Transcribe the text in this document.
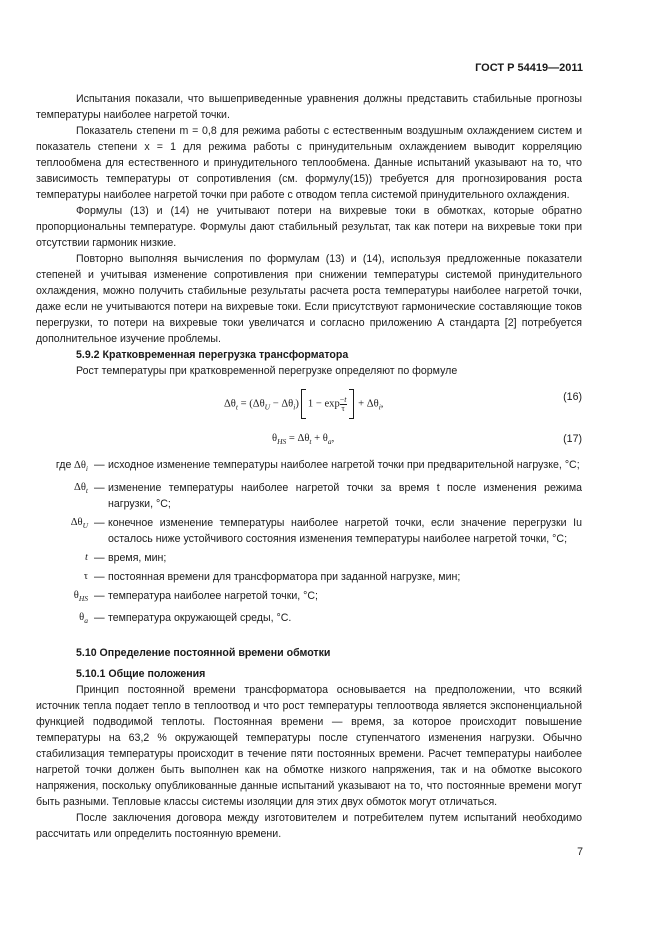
ГОСТ Р 54419—2011

Испытания показали, что вышеприведенные уравнения должны представить стабильные прогнозы температуры наиболее нагретой точки.

Показатель степени m = 0,8 для режима работы с естественным воздушным охлаждением систем и показатель степени x = 1 для режима работы с принудительным охлаждением выводит корреляцию теплообмена для естественного и принудительного теплообмена. Данные испытаний указывают на то, что зависимость температуры от сопротивления (см. формулу(15)) требуется для прогнозирования роста температуры наиболее нагретой точки при работе с отводом тепла системой принудительного охлаждения.

Формулы (13) и (14) не учитывают потери на вихревые токи в обмотках, которые обратно пропорциональны температуре. Формулы дают стабильный результат, так как потери на вихревые токи при отсутствии гармоник низкие.

Повторно выполняя вычисления по формулам (13) и (14), используя предложенные показатели степеней и учитывая изменение сопротивления при снижении температуры системой принудительного охлаждения, можно получить стабильные результаты расчета роста температуры наиболее нагретой точки, даже если не учитываются потери на вихревые токи. Если присутствуют гармонические составляющие токов перегрузки, то потери на вихревые токи увеличатся и согласно приложению А стандарта [2] потребуется дополнительное изучение проблемы.

5.9.2 Кратковременная перегрузка трансформатора

Рост температуры при кратковременной перегрузке определяют по формуле

$\Delta\theta_t = (\Delta\theta_U - \Delta\theta_i) 1 - \exp \frac{-t}{\tau} + \Delta\theta_i$,
(16)
$\theta_{HS} = \Delta\theta_t + \theta_a$,	(17)
где $\Delta\theta_i$ — исходное изменение температуры наиболее нагретой точки при предварительной нагрузке, °C;
$\Delta\theta_t$ — изменение температуры наиболее нагретой точки за время t после изменения режима нагрузки, °C;
$\Delta\theta_U$ — конечное изменение температуры наиболее нагретой точки, если значение перегрузки Iu осталось ниже устойчивого состояния изменения температуры наиболее нагретой точки, °C;
t — время, мин;
τ — постоянная времени для трансформатора при заданной нагрузке, мин;
$\theta_{HS}$ — температура наиболее нагретой точки, °C;
$\theta_a$ — температура окружающей среды, °C.
5.10 Определение постоянной времени обмотки
5.10.1 Общие положения

Принцип постоянной времени трансформатора основывается на предположении, что всякий источник тепла подает тепло в теплоотвод и что рост температуры теплоотвода является экспоненциальной функцией подводимой теплоты. Постоянная времени — время, за которое происходит повышение температуры на 63,2 % окружающей температуры после ступенчатого изменения нагрузки. Обычно стабилизация температуры происходит в течение пяти постоянных времени. Расчет температуры наиболее нагретой точки должен быть выполнен как на обмотке низкого напряжения, так и на обмотке высокого напряжения, поскольку опубликованные данные испытаний указывают на то, что постоянные времени могут быть разными. Тепловые классы системы изоляции для этих двух обмоток могут отличаться.

После заключения договора между изготовителем и потребителем путем испытаний необходимо рассчитать или определить постоянную времени.

7
